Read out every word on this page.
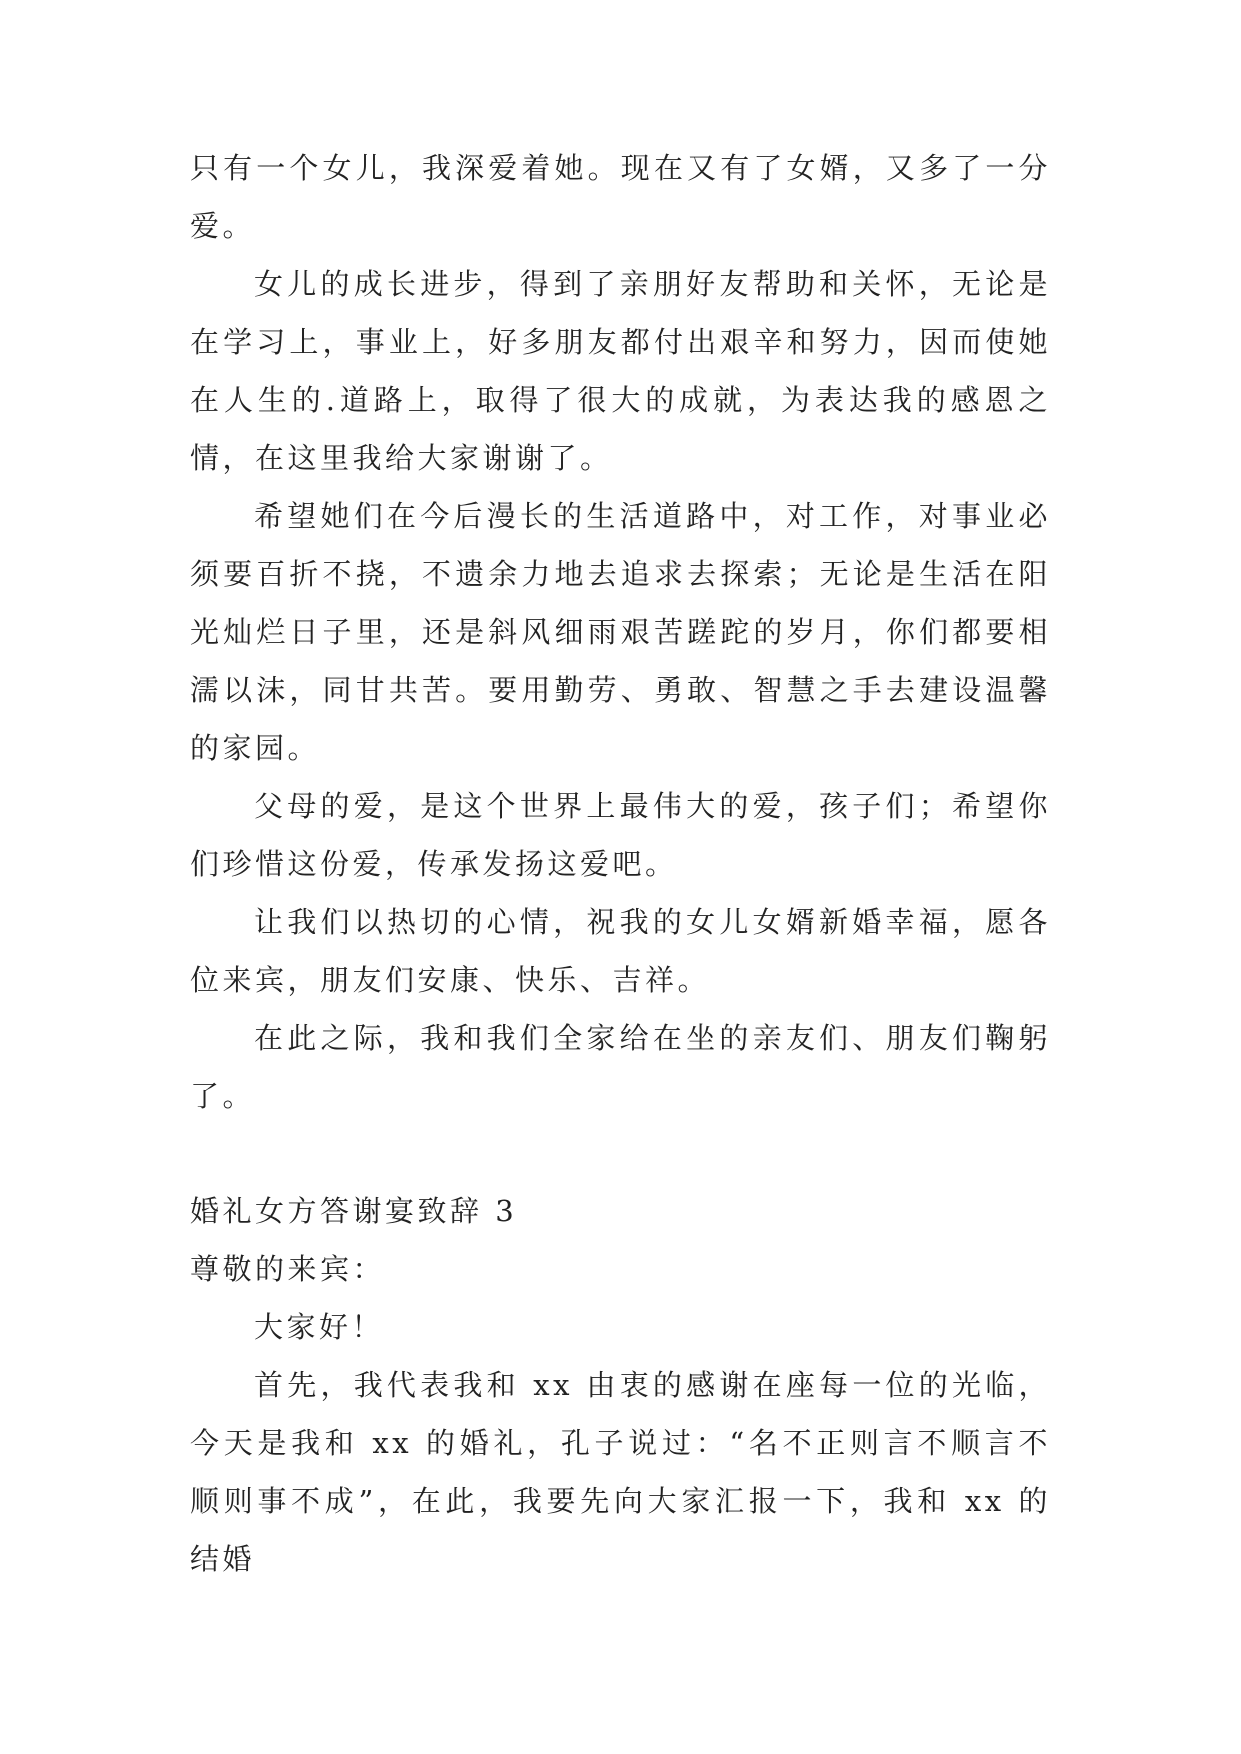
只有一个女儿，我深爱着她。现在又有了女婿，又多了一分爱。

女儿的成长进步，得到了亲朋好友帮助和关怀，无论是在学习上，事业上，好多朋友都付出艰辛和努力，因而使她在人生的.道路上，取得了很大的成就，为表达我的感恩之情，在这里我给大家谢谢了。

希望她们在今后漫长的生活道路中，对工作，对事业必须要百折不挠，不遗余力地去追求去探索；无论是生活在阳光灿烂日子里，还是斜风细雨艰苦蹉跎的岁月，你们都要相濡以沫，同甘共苦。要用勤劳、勇敢、智慧之手去建设温馨的家园。

父母的爱，是这个世界上最伟大的爱，孩子们；希望你们珍惜这份爱，传承发扬这爱吧。

让我们以热切的心情，祝我的女儿女婿新婚幸福，愿各位来宾，朋友们安康、快乐、吉祥。

在此之际，我和我们全家给在坐的亲友们、朋友们鞠躬了。

婚礼女方答谢宴致辞 3

尊敬的来宾：

大家好！

首先，我代表我和 xx 由衷的感谢在座每一位的光临，今天是我和 xx 的婚礼，孔子说过：“名不正则言不顺言不顺则事不成”，在此，我要先向大家汇报一下，我和 xx 的结婚
